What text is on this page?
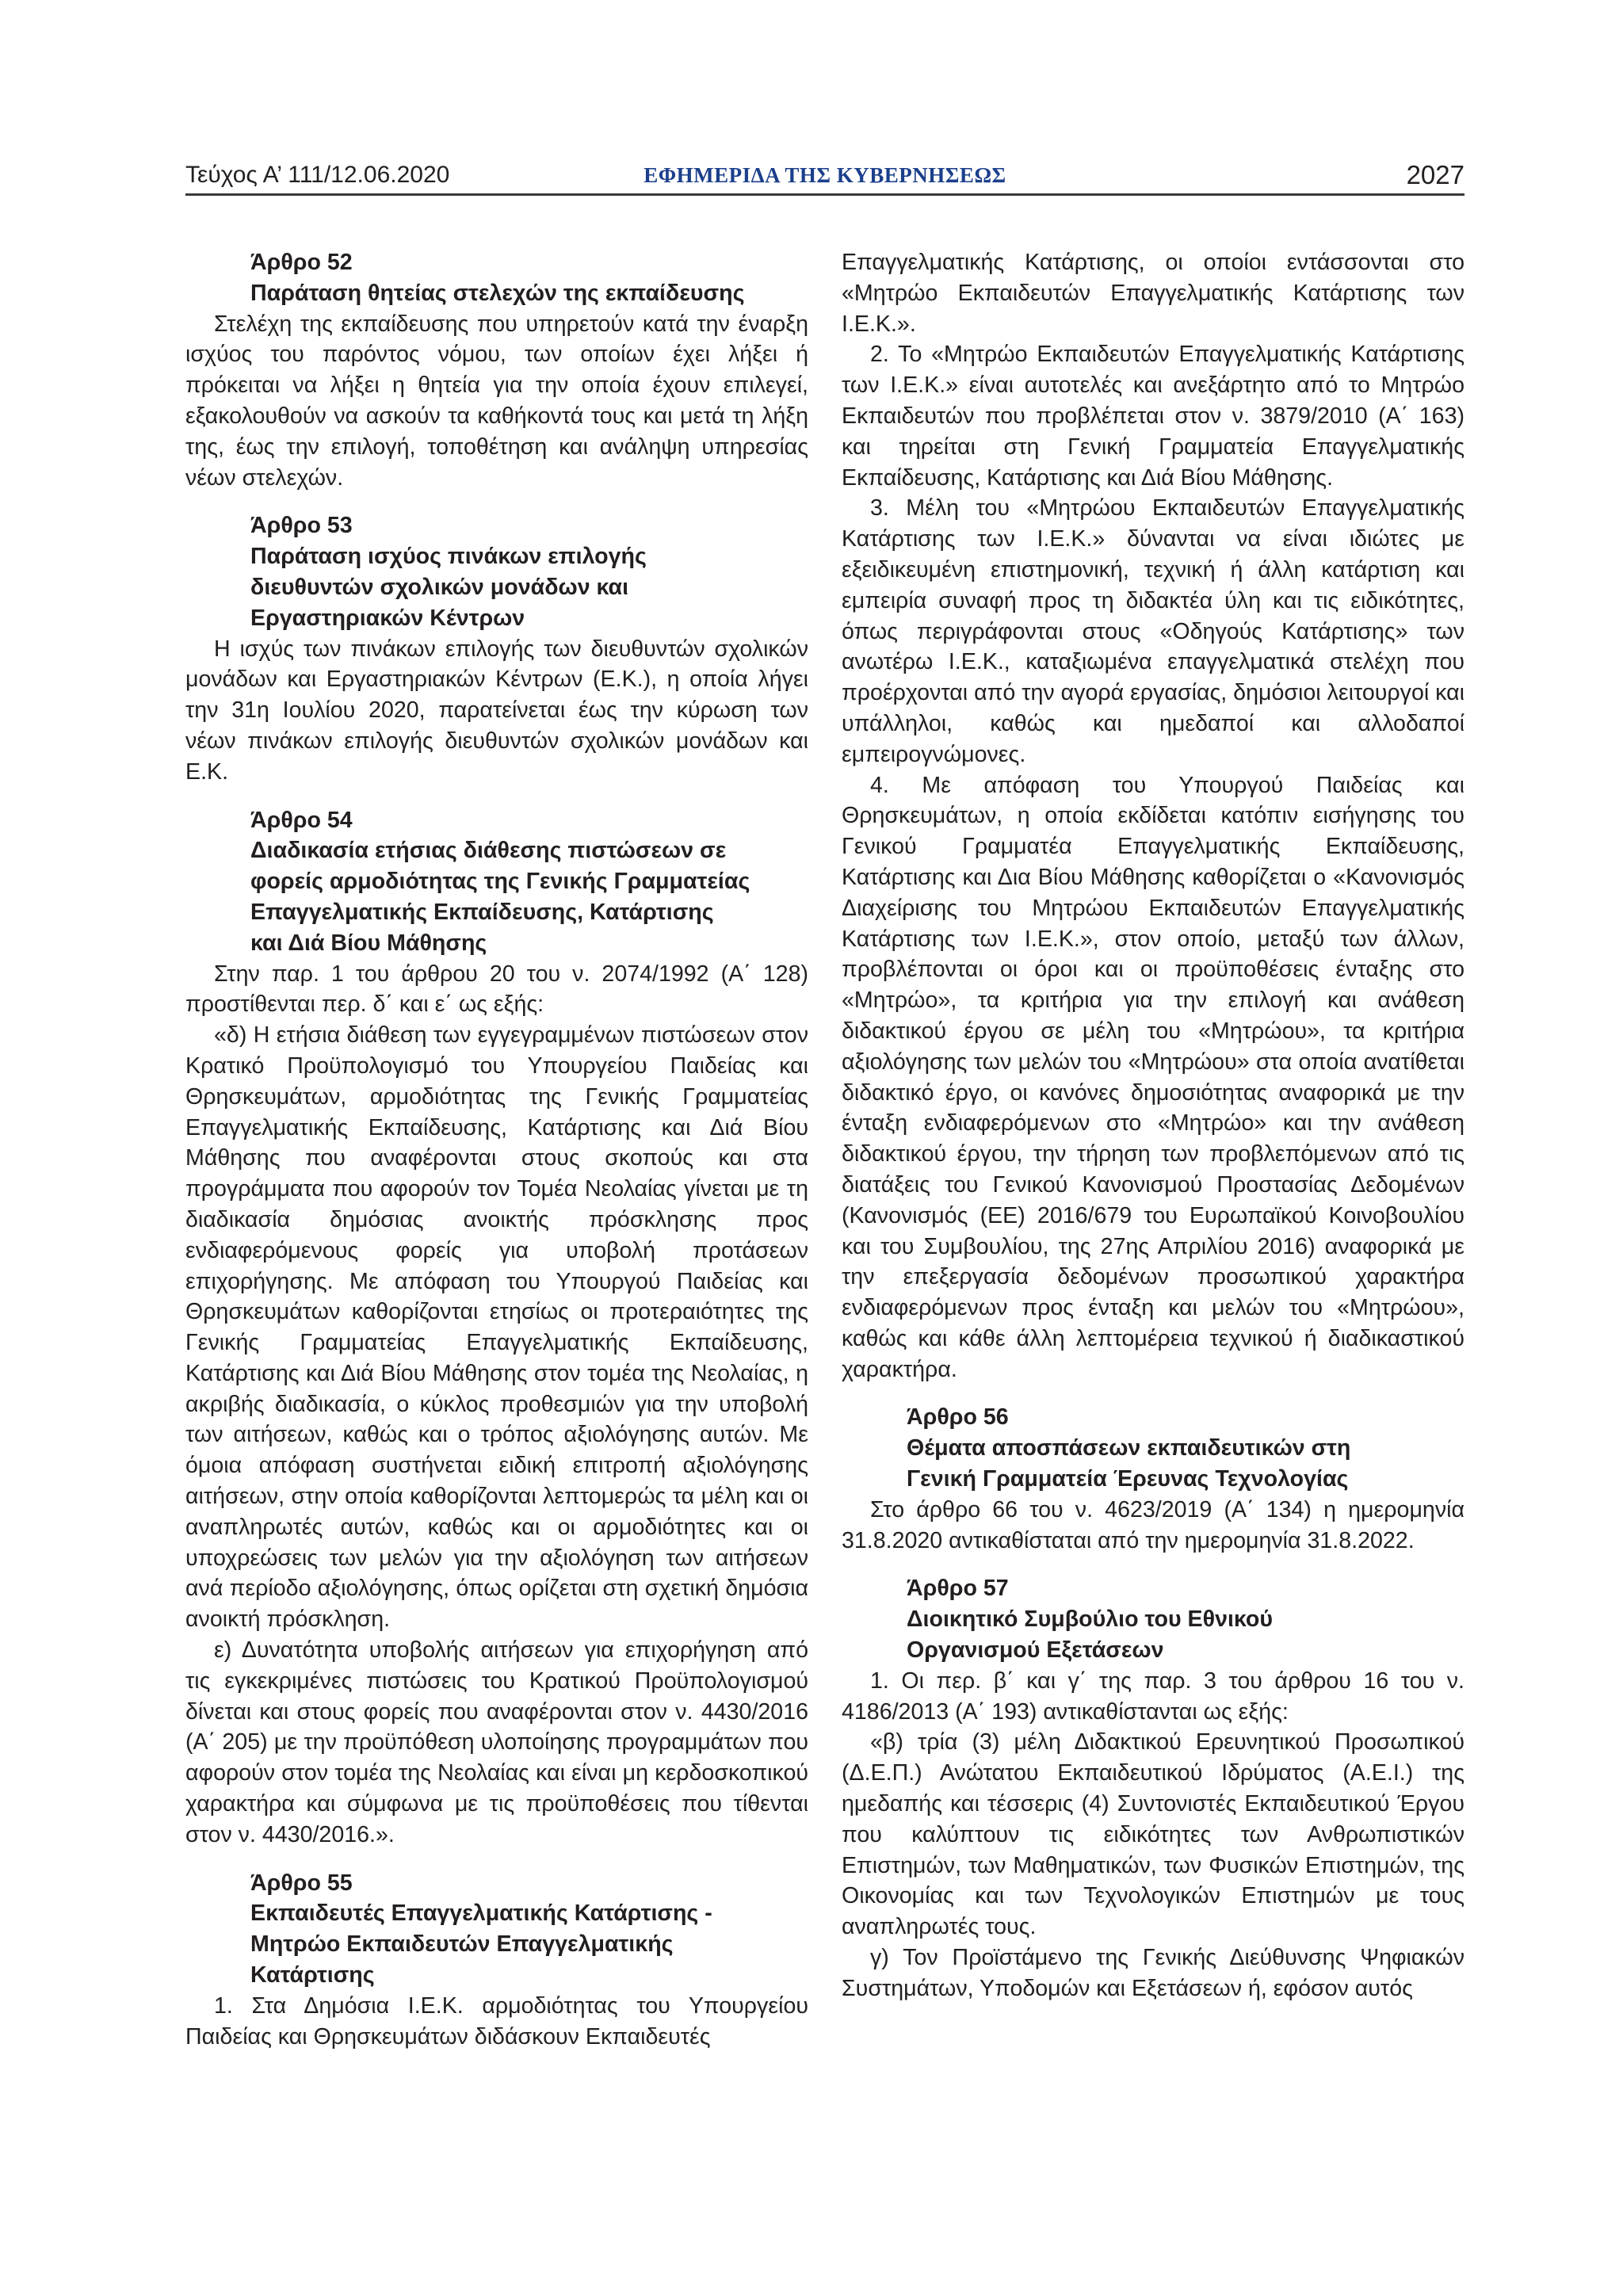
Τεύχος Α’ 111/12.06.2020	ΕΦΗΜΕΡΙΔΑ ΤΗΣ ΚΥΒΕΡΝΗΣΕΩΣ	2027
Άρθρο 52
Παράταση θητείας στελεχών της εκπαίδευσης

Στελέχη της εκπαίδευσης που υπηρετούν κατά την έναρξη ισχύος του παρόντος νόμου, των οποίων έχει λήξει ή πρόκειται να λήξει η θητεία για την οποία έχουν επιλεγεί, εξακολουθούν να ασκούν τα καθήκοντά τους και μετά τη λήξη της, έως την επιλογή, τοποθέτηση και ανάληψη υπηρεσίας νέων στελεχών.

Άρθρο 53
Παράταση ισχύος πινάκων επιλογής
διευθυντών σχολικών μονάδων και
Εργαστηριακών Κέντρων

Η ισχύς των πινάκων επιλογής των διευθυντών σχολικών μονάδων και Εργαστηριακών Κέντρων (Ε.Κ.), η οποία λήγει την 31η Ιουλίου 2020, παρατείνεται έως την κύρωση των νέων πινάκων επιλογής διευθυντών σχολικών μονάδων και Ε.Κ.

Άρθρο 54
Διαδικασία ετήσιας διάθεσης πιστώσεων σε
φορείς αρμοδιότητας της Γενικής Γραμματείας
Επαγγελματικής Εκπαίδευσης, Κατάρτισης
και Διά Βίου Μάθησης

Στην παρ. 1 του άρθρου 20 του ν. 2074/1992 (Α΄ 128) προστίθενται περ. δ΄ και ε΄ ως εξής:

«δ) Η ετήσια διάθεση των εγγεγραμμένων πιστώσεων στον Κρατικό Προϋπολογισμό του Υπουργείου Παιδείας και Θρησκευμάτων, αρμοδιότητας της Γενικής Γραμματείας Επαγγελματικής Εκπαίδευσης, Κατάρτισης και Διά Βίου Μάθησης που αναφέρονται στους σκοπούς και στα προγράμματα που αφορούν τον Τομέα Νεολαίας γίνεται με τη διαδικασία δημόσιας ανοικτής πρόσκλησης προς ενδιαφερόμενους φορείς για υποβολή προτάσεων επιχορήγησης. Με απόφαση του Υπουργού Παιδείας και Θρησκευμάτων καθορίζονται ετησίως οι προτεραιότητες της Γενικής Γραμματείας Επαγγελματικής Εκπαίδευσης, Κατάρτισης και Διά Βίου Μάθησης στον τομέα της Νεολαίας, η ακριβής διαδικασία, ο κύκλος προθεσμιών για την υποβολή των αιτήσεων, καθώς και ο τρόπος αξιολόγησης αυτών. Με όμοια απόφαση συστήνεται ειδική επιτροπή αξιολόγησης αιτήσεων, στην οποία καθορίζονται λεπτομερώς τα μέλη και οι αναπληρωτές αυτών, καθώς και οι αρμοδιότητες και οι υποχρεώσεις των μελών για την αξιολόγηση των αιτήσεων ανά περίοδο αξιολόγησης, όπως ορίζεται στη σχετική δημόσια ανοικτή πρόσκληση.

ε) Δυνατότητα υποβολής αιτήσεων για επιχορήγηση από τις εγκεκριμένες πιστώσεις του Κρατικού Προϋπολογισμού δίνεται και στους φορείς που αναφέρονται στον ν. 4430/2016 (Α΄ 205) με την προϋπόθεση υλοποίησης προγραμμάτων που αφορούν στον τομέα της Νεολαίας και είναι μη κερδοσκοπικού χαρακτήρα και σύμφωνα με τις προϋποθέσεις που τίθενται στον ν. 4430/2016.».

Άρθρο 55
Εκπαιδευτές Επαγγελματικής Κατάρτισης -
Μητρώο Εκπαιδευτών Επαγγελματικής
Κατάρτισης

1. Στα Δημόσια Ι.Ε.Κ. αρμοδιότητας του Υπουργείου Παιδείας και Θρησκευμάτων διδάσκουν Εκπαιδευτές

Επαγγελματικής Κατάρτισης, οι οποίοι εντάσσονται στο «Μητρώο Εκπαιδευτών Επαγγελματικής Κατάρτισης των Ι.Ε.Κ.».

2. Το «Μητρώο Εκπαιδευτών Επαγγελματικής Κατάρτισης των Ι.Ε.Κ.» είναι αυτοτελές και ανεξάρτητο από το Μητρώο Εκπαιδευτών που προβλέπεται στον ν. 3879/2010 (Α΄ 163) και τηρείται στη Γενική Γραμματεία Επαγγελματικής Εκπαίδευσης, Κατάρτισης και Διά Βίου Μάθησης.

3. Μέλη του «Μητρώου Εκπαιδευτών Επαγγελματικής Κατάρτισης των Ι.Ε.Κ.» δύνανται να είναι ιδιώτες με εξειδικευμένη επιστημονική, τεχνική ή άλλη κατάρτιση και εμπειρία συναφή προς τη διδακτέα ύλη και τις ειδικότητες, όπως περιγράφονται στους «Οδηγούς Κατάρτισης» των ανωτέρω Ι.Ε.Κ., καταξιωμένα επαγγελματικά στελέχη που προέρχονται από την αγορά εργασίας, δημόσιοι λειτουργοί και υπάλληλοι, καθώς και ημεδαποί και αλλοδαποί εμπειρογνώμονες.

4. Με απόφαση του Υπουργού Παιδείας και Θρησκευμάτων, η οποία εκδίδεται κατόπιν εισήγησης του Γενικού Γραμματέα Επαγγελματικής Εκπαίδευσης, Κατάρτισης και Δια Βίου Μάθησης καθορίζεται ο «Κανονισμός Διαχείρισης του Μητρώου Εκπαιδευτών Επαγγελματικής Κατάρτισης των Ι.Ε.Κ.», στον οποίο, μεταξύ των άλλων, προβλέπονται οι όροι και οι προϋποθέσεις ένταξης στο «Μητρώο», τα κριτήρια για την επιλογή και ανάθεση διδακτικού έργου σε μέλη του «Μητρώου», τα κριτήρια αξιολόγησης των μελών του «Μητρώου» στα οποία ανατίθεται διδακτικό έργο, οι κανόνες δημοσιότητας αναφορικά με την ένταξη ενδιαφερόμενων στο «Μητρώο» και την ανάθεση διδακτικού έργου, την τήρηση των προβλεπόμενων από τις διατάξεις του Γενικού Κανονισμού Προστασίας Δεδομένων (Κανονισμός (ΕΕ) 2016/679 του Ευρωπαϊκού Κοινοβουλίου και του Συμβουλίου, της 27ης Απριλίου 2016) αναφορικά με την επεξεργασία δεδομένων προσωπικού χαρακτήρα ενδιαφερόμενων προς ένταξη και μελών του «Μητρώου», καθώς και κάθε άλλη λεπτομέρεια τεχνικού ή διαδικαστικού χαρακτήρα.

Άρθρο 56
Θέματα αποσπάσεων εκπαιδευτικών στη
Γενική Γραμματεία Έρευνας Τεχνολογίας

Στο άρθρο 66 του ν. 4623/2019 (Α΄ 134) η ημερομηνία 31.8.2020 αντικαθίσταται από την ημερομηνία 31.8.2022.

Άρθρο 57
Διοικητικό Συμβούλιο του Εθνικού
Οργανισμού Εξετάσεων

1. Οι περ. β΄ και γ΄ της παρ. 3 του άρθρου 16 του ν. 4186/2013 (Α΄ 193) αντικαθίστανται ως εξής:

«β) τρία (3) μέλη Διδακτικού Ερευνητικού Προσωπικού (Δ.Ε.Π.) Ανώτατου Εκπαιδευτικού Ιδρύματος (Α.Ε.Ι.) της ημεδαπής και τέσσερις (4) Συντονιστές Εκπαιδευτικού Έργου που καλύπτουν τις ειδικότητες των Ανθρωπιστικών Επιστημών, των Μαθηματικών, των Φυσικών Επιστημών, της Οικονομίας και των Τεχνολογικών Επιστημών με τους αναπληρωτές τους.

γ) Τον Προϊστάμενο της Γενικής Διεύθυνσης Ψηφιακών Συστημάτων, Υποδομών και Εξετάσεων ή, εφόσον αυτός
